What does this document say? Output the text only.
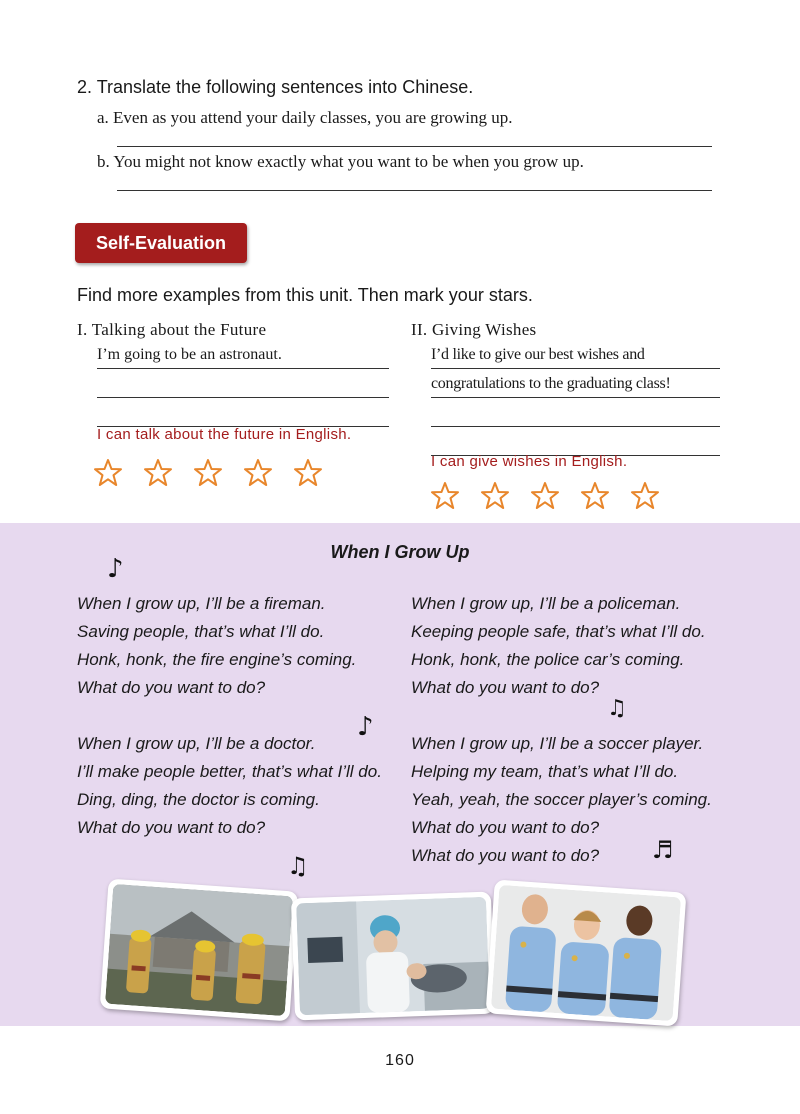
2. Translate the following sentences into Chinese.
a. Even as you attend your daily classes, you are growing up.
b. You might not know exactly what you want to be when you grow up.
Self-Evaluation
Find more examples from this unit. Then mark your stars.
I. Talking about the Future
I’m going to be an astronaut.
I can talk about the future in English.
II. Giving Wishes
I’d like to give our best wishes and
congratulations to the graduating class!
I can give wishes in English.
When I Grow Up
♪
♪
♫
♫
♬
When I grow up, I’ll be a fireman.
Saving people, that’s what I’ll do.
Honk, honk, the fire engine’s coming.
What do you want to do?
When I grow up, I’ll be a doctor.
I’ll make people better, that’s what I’ll do.
Ding, ding, the doctor is coming.
What do you want to do?
When I grow up, I’ll be a policeman.
Keeping people safe, that’s what I’ll do.
Honk, honk, the police car’s coming.
What do you want to do?
When I grow up, I’ll be a soccer player.
Helping my team, that’s what I’ll do.
Yeah, yeah, the soccer player’s coming.
What do you want to do?
What do you want to do?
160
